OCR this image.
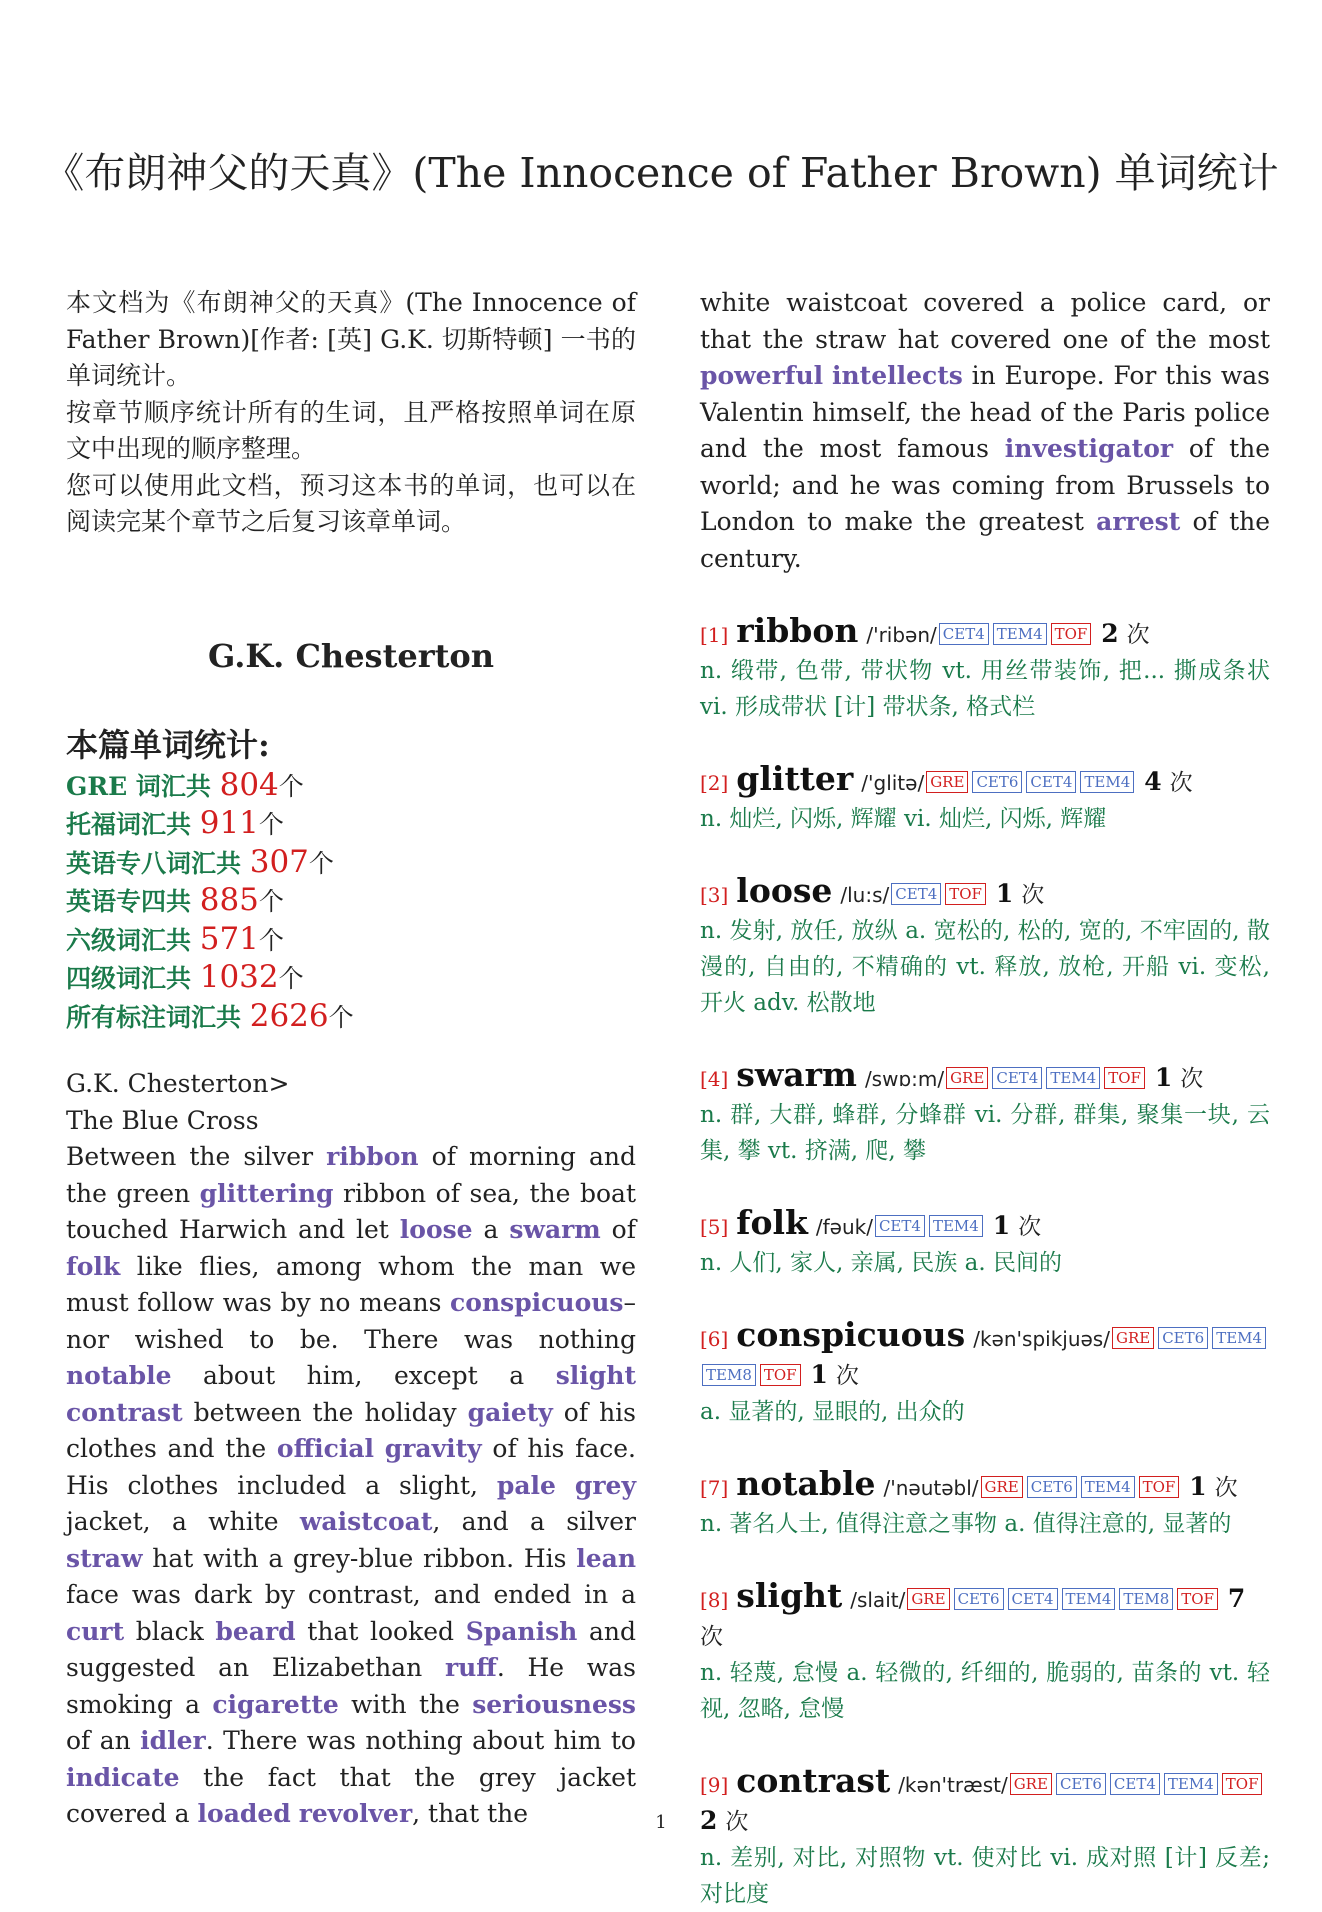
《布朗神父的天真》(The Innocence of Father Brown) 单词统计

本文档为《布朗神父的天真》(The Innocence of Father Brown)[作者: [英] G.K. 切斯特顿] 一书的单词统计。

按章节顺序统计所有的生词，且严格按照单词在原文中出现的顺序整理。

您可以使用此文档，预习这本书的单词，也可以在阅读完某个章节之后复习该章单词。

G.K. Chesterton
本篇单词统计:
GRE 词汇共 804个
托福词汇共 911个
英语专八词汇共 307个
英语专四共 885个
六级词汇共 571个
四级词汇共 1032个
所有标注词汇共 2626个
G.K. Chesterton>
The Blue Cross
Between the silver ribbon of morning and the green glittering ribbon of sea, the boat touched Harwich and let loose a swarm of folk like flies, among whom the man we must follow was by no means conspicuous–nor wished to be. There was nothing notable about him, except a slight contrast between the holiday gaiety of his clothes and the official gravity of his face. His clothes included a slight, pale grey jacket, a white waistcoat, and a silver straw hat with a grey-blue ribbon. His lean face was dark by contrast, and ended in a curt black beard that looked Spanish and suggested an Elizabethan ruff. He was smoking a cigarette with the seriousness of an idler. There was nothing about him to indicate the fact that the grey jacket covered a loaded revolver, that the
white waistcoat covered a police card, or that the straw hat covered one of the most powerful intellects in Europe. For this was Valentin himself, the head of the Paris police and the most famous investigator of the world; and he was coming from Brussels to London to make the greatest arrest of the century.
[1] ribbon /'ribən/ CET4 TEM4 TOF 2 次
n. 缎带, 色带, 带状物 vt. 用丝带装饰, 把... 撕成条状 vi. 形成带状 [计] 带状条, 格式栏
[2] glitter /'glitə/ GRE CET6 CET4 TEM4 4 次
n. 灿烂, 闪烁, 辉耀 vi. 灿烂, 闪烁, 辉耀
[3] loose /lu:s/ CET4 TOF 1 次
n. 发射, 放任, 放纵 a. 宽松的, 松的, 宽的, 不牢固的, 散漫的, 自由的, 不精确的 vt. 释放, 放枪, 开船 vi. 变松, 开火 adv. 松散地
[4] swarm /swɒ:m/ GRE CET4 TEM4 TOF 1 次
n. 群, 大群, 蜂群, 分蜂群 vi. 分群, 群集, 聚集一块, 云集, 攀 vt. 挤满, 爬, 攀
[5] folk /fəuk/ CET4 TEM4 1 次
n. 人们, 家人, 亲属, 民族 a. 民间的
[6] conspicuous /kən'spikjuəs/ GRE CET6 TEM4TEM8 TOF 1 次
a. 显著的, 显眼的, 出众的
[7] notable /'nəutəbl/ GRE CET6 TEM4 TOF 1 次
n. 著名人士, 值得注意之事物 a. 值得注意的, 显著的
[8] slight /slait/ GRE CET6 CET4 TEM4 TEM8 TOF 7 次
n. 轻蔑, 怠慢 a. 轻微的, 纤细的, 脆弱的, 苗条的 vt. 轻视, 忽略, 怠慢
[9] contrast /kən'træst/ GRE CET6 CET4 TEM4 TOF 2 次
n. 差别, 对比, 对照物 vt. 使对比 vi. 成对照 [计] 反差; 对比度
1
